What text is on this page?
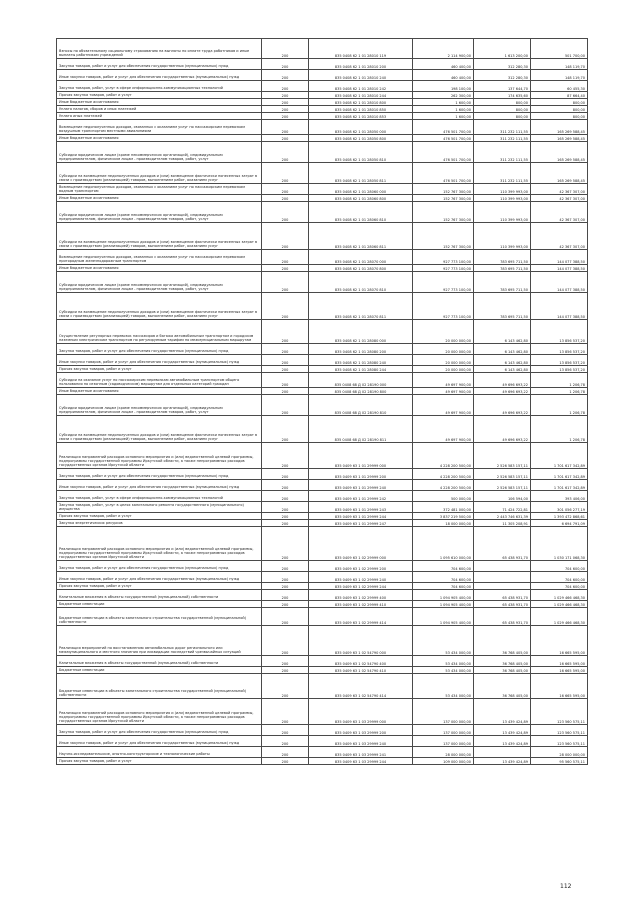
Взносы по обязательному социальному страхованию на выплаты по оплате труда работников и иные выплаты работникам учреждений	200	835 0408 62 1 01 28010 119	2 114 900,00	1 613 200,00	501 700,00
Закупка товаров, работ и услуг для обеспечения государственных (муниципальных) нужд	200	835 0408 62 1 01 28010 200	460 400,00	312 280,30	148 119,70
Иные закупки товаров, работ и услуг для обеспечения государственных (муниципальных) нужд	200	835 0408 62 1 01 28010 240	460 400,00	312 280,30	148 119,70
Закупка товаров, работ, услуг в сфере информационно-коммуникационных технологий	200	835 0408 62 1 01 28010 242	198 100,00	137 644,70	60 455,30
Прочая закупка товаров, работ и услуг	200	835 0408 62 1 01 28010 244	262 300,00	174 635,60	87 664,40
Иные бюджетные ассигнования	200	835 0408 62 1 01 28010 800	1 600,00	800,00	800,00
Уплата налогов, сборов и иных платежей	200	835 0408 62 1 01 28010 850	1 600,00	800,00	800,00
Уплата иных платежей	200	835 0408 62 1 01 28010 853	1 600,00	800,00	800,00
Возмещение недополученных доходов, связанных с оказанием услуг по пассажирским перевозкам воздушным транспортом местными авиалиниями	200	835 0408 62 1 01 28050 000	476 501 700,00	311 232 111,55	165 269 588,45
Иные бюджетные ассигнования	200	835 0408 62 1 01 28050 800	476 501 700,00	311 232 111,55	165 269 588,45
Субсидии юридическим лицам (кроме некоммерческих организаций), индивидуальным предпринимателям, физическим лицам - производителям товаров, работ, услуг	200	835 0408 62 1 01 28050 810	476 501 700,00	311 232 111,55	165 269 588,45
Субсидии на возмещение недополученных доходов и (или) возмещение фактически понесенных затрат в связи с производством (реализацией) товаров, выполнением работ, оказанием услуг	200	835 0408 62 1 01 28050 811	476 501 700,00	311 232 111,55	165 269 588,45
Возмещение недополученных доходов, связанных с оказанием услуг по пассажирским перевозкам водным транспортом	200	835 0408 62 1 01 28060 000	152 767 300,00	110 399 993,00	42 367 307,00
Иные бюджетные ассигнования	200	835 0408 62 1 01 28060 800	152 767 300,00	110 399 993,00	42 367 307,00
Субсидии юридическим лицам (кроме некоммерческих организаций), индивидуальным предпринимателям, физическим лицам - производителям товаров, работ, услуг	200	835 0408 62 1 01 28060 810	152 767 300,00	110 399 993,00	42 367 307,00
Субсидии на возмещение недополученных доходов и (или) возмещение фактически понесенных затрат в связи с производством (реализацией) товаров, выполнением работ, оказанием услуг	200	835 0408 62 1 01 28060 811	152 767 300,00	110 399 993,00	42 367 307,00
Возмещение недополученных доходов, связанных с оказанием услуг по пассажирским перевозкам пригородным железнодорожным транспортом	200	835 0408 62 1 01 28070 000	927 773 100,00	783 695 711,50	144 077 388,50
Иные бюджетные ассигнования	200	835 0408 62 1 01 28070 800	927 773 100,00	783 695 711,50	144 077 388,50
Субсидии юридическим лицам (кроме некоммерческих организаций), индивидуальным предпринимателям, физическим лицам - производителям товаров, работ, услуг	200	835 0408 62 1 01 28070 810	927 773 100,00	783 695 711,50	144 077 388,50
Субсидии на возмещение недополученных доходов и (или) возмещение фактически понесенных затрат в связи с производством (реализацией) товаров, выполнением работ, оказанием услуг	200	835 0408 62 1 01 28070 811	927 773 100,00	783 695 711,50	144 077 388,50
Осуществление регулярных перевозок пассажиров и багажа автомобильным транспортом и городским наземным электрическим транспортом по регулируемым тарифам по межмуниципальным маршрутам	200	835 0408 62 1 01 28080 000	20 000 000,00	6 143 462,80	13 856 537,20
Закупка товаров, работ и услуг для обеспечения государственных (муниципальных) нужд	200	835 0408 62 1 01 28080 200	20 000 000,00	6 143 462,80	13 856 537,20
Иные закупки товаров, работ и услуг для обеспечения государственных (муниципальных) нужд	200	835 0408 62 1 01 28080 240	20 000 000,00	6 143 462,80	13 856 537,20
Прочая закупка товаров, работ и услуг	200	835 0408 62 1 01 28080 244	20 000 000,00	6 143 462,80	13 856 537,20
Субсидии на оказание услуг по пассажирским перевозкам автомобильным транспортом общего пользования по сезонным (садоводческим) маршрутам для отдельных категорий граждан	200	835 0408 68 Д 02 28190 000	49 697 900,00	49 696 693,22	1 206,78
Иные бюджетные ассигнования	200	835 0408 68 Д 02 28190 800	49 697 900,00	49 696 693,22	1 206,78
Субсидии юридическим лицам (кроме некоммерческих организаций), индивидуальным предпринимателям, физическим лицам - производителям товаров, работ, услуг	200	835 0408 68 Д 02 28190 810	49 697 900,00	49 696 693,22	1 206,78
Субсидии на возмещение недополученных доходов и (или) возмещение фактически понесенных затрат в связи с производством (реализацией) товаров, выполнением работ, оказанием услуг	200	835 0408 68 Д 02 28190 811	49 697 900,00	49 696 693,22	1 206,78
Реализация направлений расходов основного мероприятия и (или) ведомственной целевой программы, подпрограммы государственной программы Иркутской области, а также непрограммных расходов государственных органов Иркутской области	200	835 0409 63 1 01 29999 000	4 228 200 500,00	2 526 583 157,11	1 701 617 342,89
Закупка товаров, работ и услуг для обеспечения государственных (муниципальных) нужд	200	835 0409 63 1 01 29999 200	4 228 200 500,00	2 526 583 157,11	1 701 617 342,89
Иные закупки товаров, работ и услуг для обеспечения государственных (муниципальных) нужд	200	835 0409 63 1 01 29999 240	4 228 200 500,00	2 526 583 157,11	1 701 617 342,89
Закупка товаров, работ, услуг в сфере информационно-коммуникационных технологий	200	835 0409 63 1 01 29999 242	500 000,00	106 594,00	393 406,00
Закупка товаров, работ, услуг в целях капитального ремонта государственного (муниципального) имущества	200	835 0409 63 1 01 29999 243	372 481 000,00	71 424 722,81	301 056 277,19
Прочая закупка товаров, работ и услуг	200	835 0409 63 1 01 29999 244	3 837 219 500,00	2 443 746 631,39	1 393 472 868,61
Закупка энергетических ресурсов	200	835 0409 63 1 01 29999 247	18 000 000,00	11 305 208,91	6 694 791,09
Реализация направлений расходов основного мероприятия и (или) ведомственной целевой программы, подпрограммы государственной программы Иркутской области, а также непрограммных расходов государственных органов Иркутской области	200	835 0409 63 1 02 29999 000	1 095 610 000,00	65 438 931,70	1 030 171 068,30
Закупка товаров, работ и услуг для обеспечения государственных (муниципальных) нужд	200	835 0409 63 1 02 29999 200	704 600,00		704 600,00
Иные закупки товаров, работ и услуг для обеспечения государственных (муниципальных) нужд	200	835 0409 63 1 02 29999 240	704 600,00		704 600,00
Прочая закупка товаров, работ и услуг	200	835 0409 63 1 02 29999 244	704 600,00		704 600,00
Капитальные вложения в объекты государственной (муниципальной) собственности	200	835 0409 63 1 02 29999 400	1 094 905 400,00	65 438 931,70	1 029 466 468,30
Бюджетные инвестиции	200	835 0409 63 1 02 29999 410	1 094 905 400,00	65 438 931,70	1 029 466 468,30
Бюджетные инвестиции в объекты капитального строительства государственной (муниципальной) собственности	200	835 0409 63 1 02 29999 414	1 094 905 400,00	65 438 931,70	1 029 466 468,30
Реализация мероприятий по восстановлению автомобильных дорог регионального или межмуниципального и местного значения при ликвидации последствий чрезвычайных ситуаций	200	835 0409 63 1 02 54790 000	53 434 000,00	36 768 405,00	16 665 595,00
Капитальные вложения в объекты государственной (муниципальной) собственности	200	835 0409 63 1 02 54790 400	53 434 000,00	36 768 405,00	16 665 595,00
Бюджетные инвестиции	200	835 0409 63 1 02 54790 410	53 434 000,00	36 768 405,00	16 665 595,00
Бюджетные инвестиции в объекты капитального строительства государственной (муниципальной) собственности	200	835 0409 63 1 02 54790 414	53 434 000,00	36 768 405,00	16 665 595,00
Реализация направлений расходов основного мероприятия и (или) ведомственной целевой программы, подпрограммы государственной программы Иркутской области, а также непрограммных расходов государственных органов Иркутской области	200	835 0409 63 1 03 29999 000	137 000 000,00	13 439 424,89	123 560 575,11
Закупка товаров, работ и услуг для обеспечения государственных (муниципальных) нужд	200	835 0409 63 1 03 29999 200	137 000 000,00	13 439 424,89	123 560 575,11
Иные закупки товаров, работ и услуг для обеспечения государственных (муниципальных) нужд	200	835 0409 63 1 03 29999 240	137 000 000,00	13 439 424,89	123 560 575,11
Научно-исследовательские, опытно-конструкторские и технологические работы	200	835 0409 63 1 03 29999 241	28 000 000,00		28 000 000,00
Прочая закупка товаров, работ и услуг	200	835 0409 63 1 03 29999 244	109 000 000,00	13 439 424,89	95 560 575,11
112
